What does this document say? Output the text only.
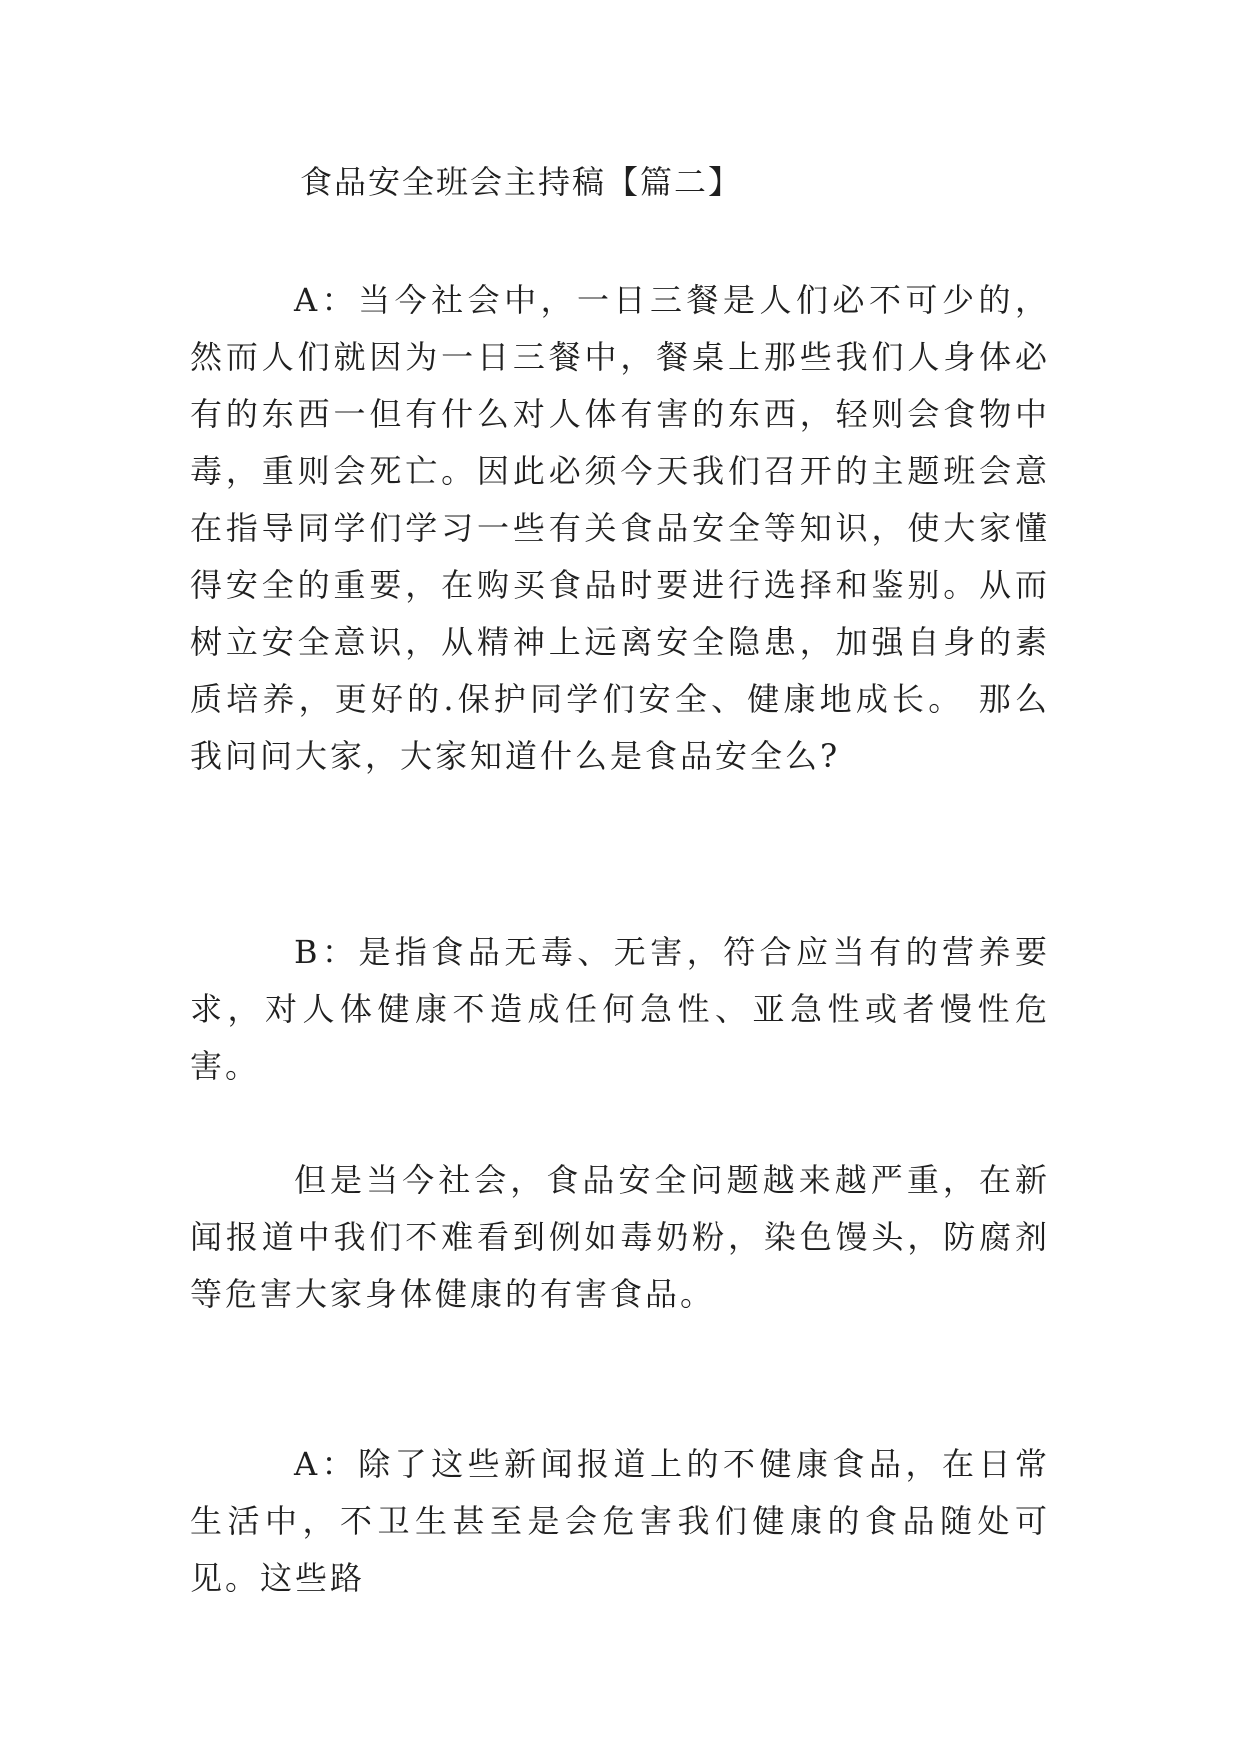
食品安全班会主持稿【篇二】

A：当今社会中，一日三餐是人们必不可少的，然而人们就因为一日三餐中，餐桌上那些我们人身体必有的东西一但有什么对人体有害的东西，轻则会食物中毒，重则会死亡。因此必须今天我们召开的主题班会意在指导同学们学习一些有关食品安全等知识，使大家懂得安全的重要，在购买食品时要进行选择和鉴别。从而树立安全意识，从精神上远离安全隐患，加强自身的素质培养，更好的.保护同学们安全、健康地成长。 那么我问问大家，大家知道什么是食品安全么?

B：是指食品无毒、无害，符合应当有的营养要求，对人体健康不造成任何急性、亚急性或者慢性危害。

但是当今社会，食品安全问题越来越严重，在新闻报道中我们不难看到例如毒奶粉，染色馒头，防腐剂等危害大家身体健康的有害食品。

A：除了这些新闻报道上的不健康食品，在日常生活中，不卫生甚至是会危害我们健康的食品随处可见。这些路
